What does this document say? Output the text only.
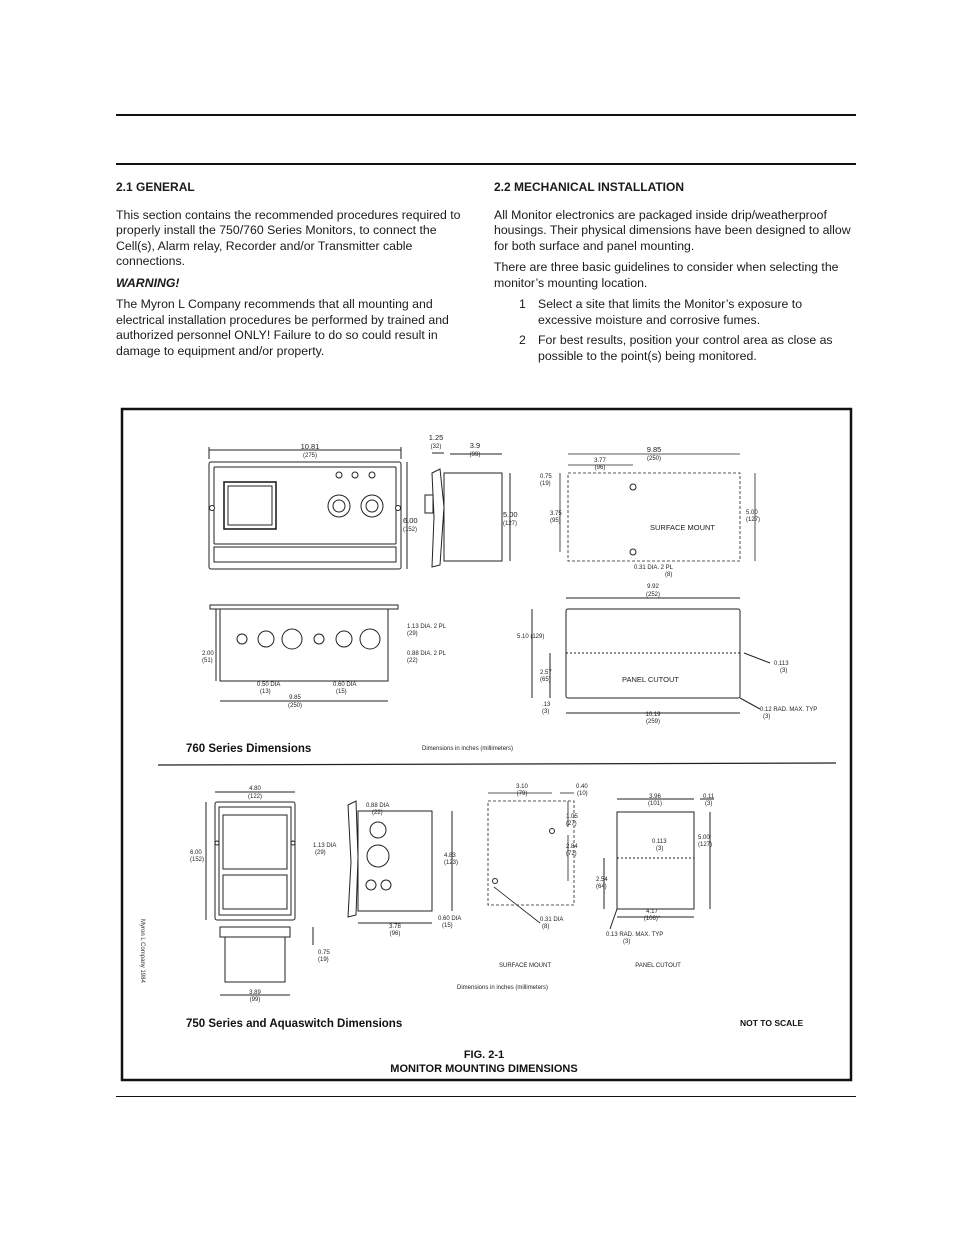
2.1 GENERAL

This section contains the recommended procedures required to properly install the 750/760 Series Monitors, to connect the Cell(s), Alarm relay, Recorder and/or Transmitter cable connections.

WARNING!

The Myron L Company recommends that all mounting and electrical installation procedures be performed by trained and authorized personnel ONLY! Failure to do so could result in damage to equipment and/or property.

2.2 MECHANICAL INSTALLATION

All Monitor electronics are packaged inside drip/weatherproof housings. Their physical dimensions have been designed to allow for both surface and panel mounting.

There are three basic guidelines to consider when selecting the monitor’s mounting location.

1 Select a site that limits the Monitor’s exposure to excessive moisture and corrosive fumes.
2 For best results, position your control area as close as possible to the point(s) being monitored.
10.81
(275)
6.00
(152)
1.25
(32)	3.9
(99)
5.00
(127)
9.85
(250)
3.77
(96)
0.75
(19)
3.75
(95)
5.00
(127)
SURFACE MOUNT
0.31 DIA. 2 PL
(8)
1.13 DIA. 2 PL
(29)
0.88 DIA. 2 PL
(22)
2.00
(51)
0.50 DIA
(13)
0.60 DIA
(15)
9.85
(250)
9.92
(252)
5.10 (129)
2.57
(65)
.13
(3)
PANEL CUTOUT
0.113
(3)
10.19
(259)
0.12 RAD. MAX. TYP
(3)
760 Series Dimensions	Dimensions in inches (millimeters)
4.80
(122)
6.00
(152)
0.75
(19)
3.89
(99)
0.88 DIA
(22)
1.13 DIA
(29)	4.83
(123)
3.78
(96)
0.60 DIA
(15)
3.10
(79)
0.40
(10)
1.05
(27)
2.84
(72)
0.31 DIA
(8)
SURFACE MOUNT
3.96
(101)
0.11
(3)
0.113
(3)
5.00
(127)
2.54
(64)
4.17
(106)*
0.13 RAD. MAX. TYP
(3)
PANEL CUTOUT
Dimensions in inches (millimeters)
Myron L Company 1984
750 Series and Aquaswitch Dimensions	NOT TO SCALE
FIG. 2-1
MONITOR MOUNTING DIMENSIONS
